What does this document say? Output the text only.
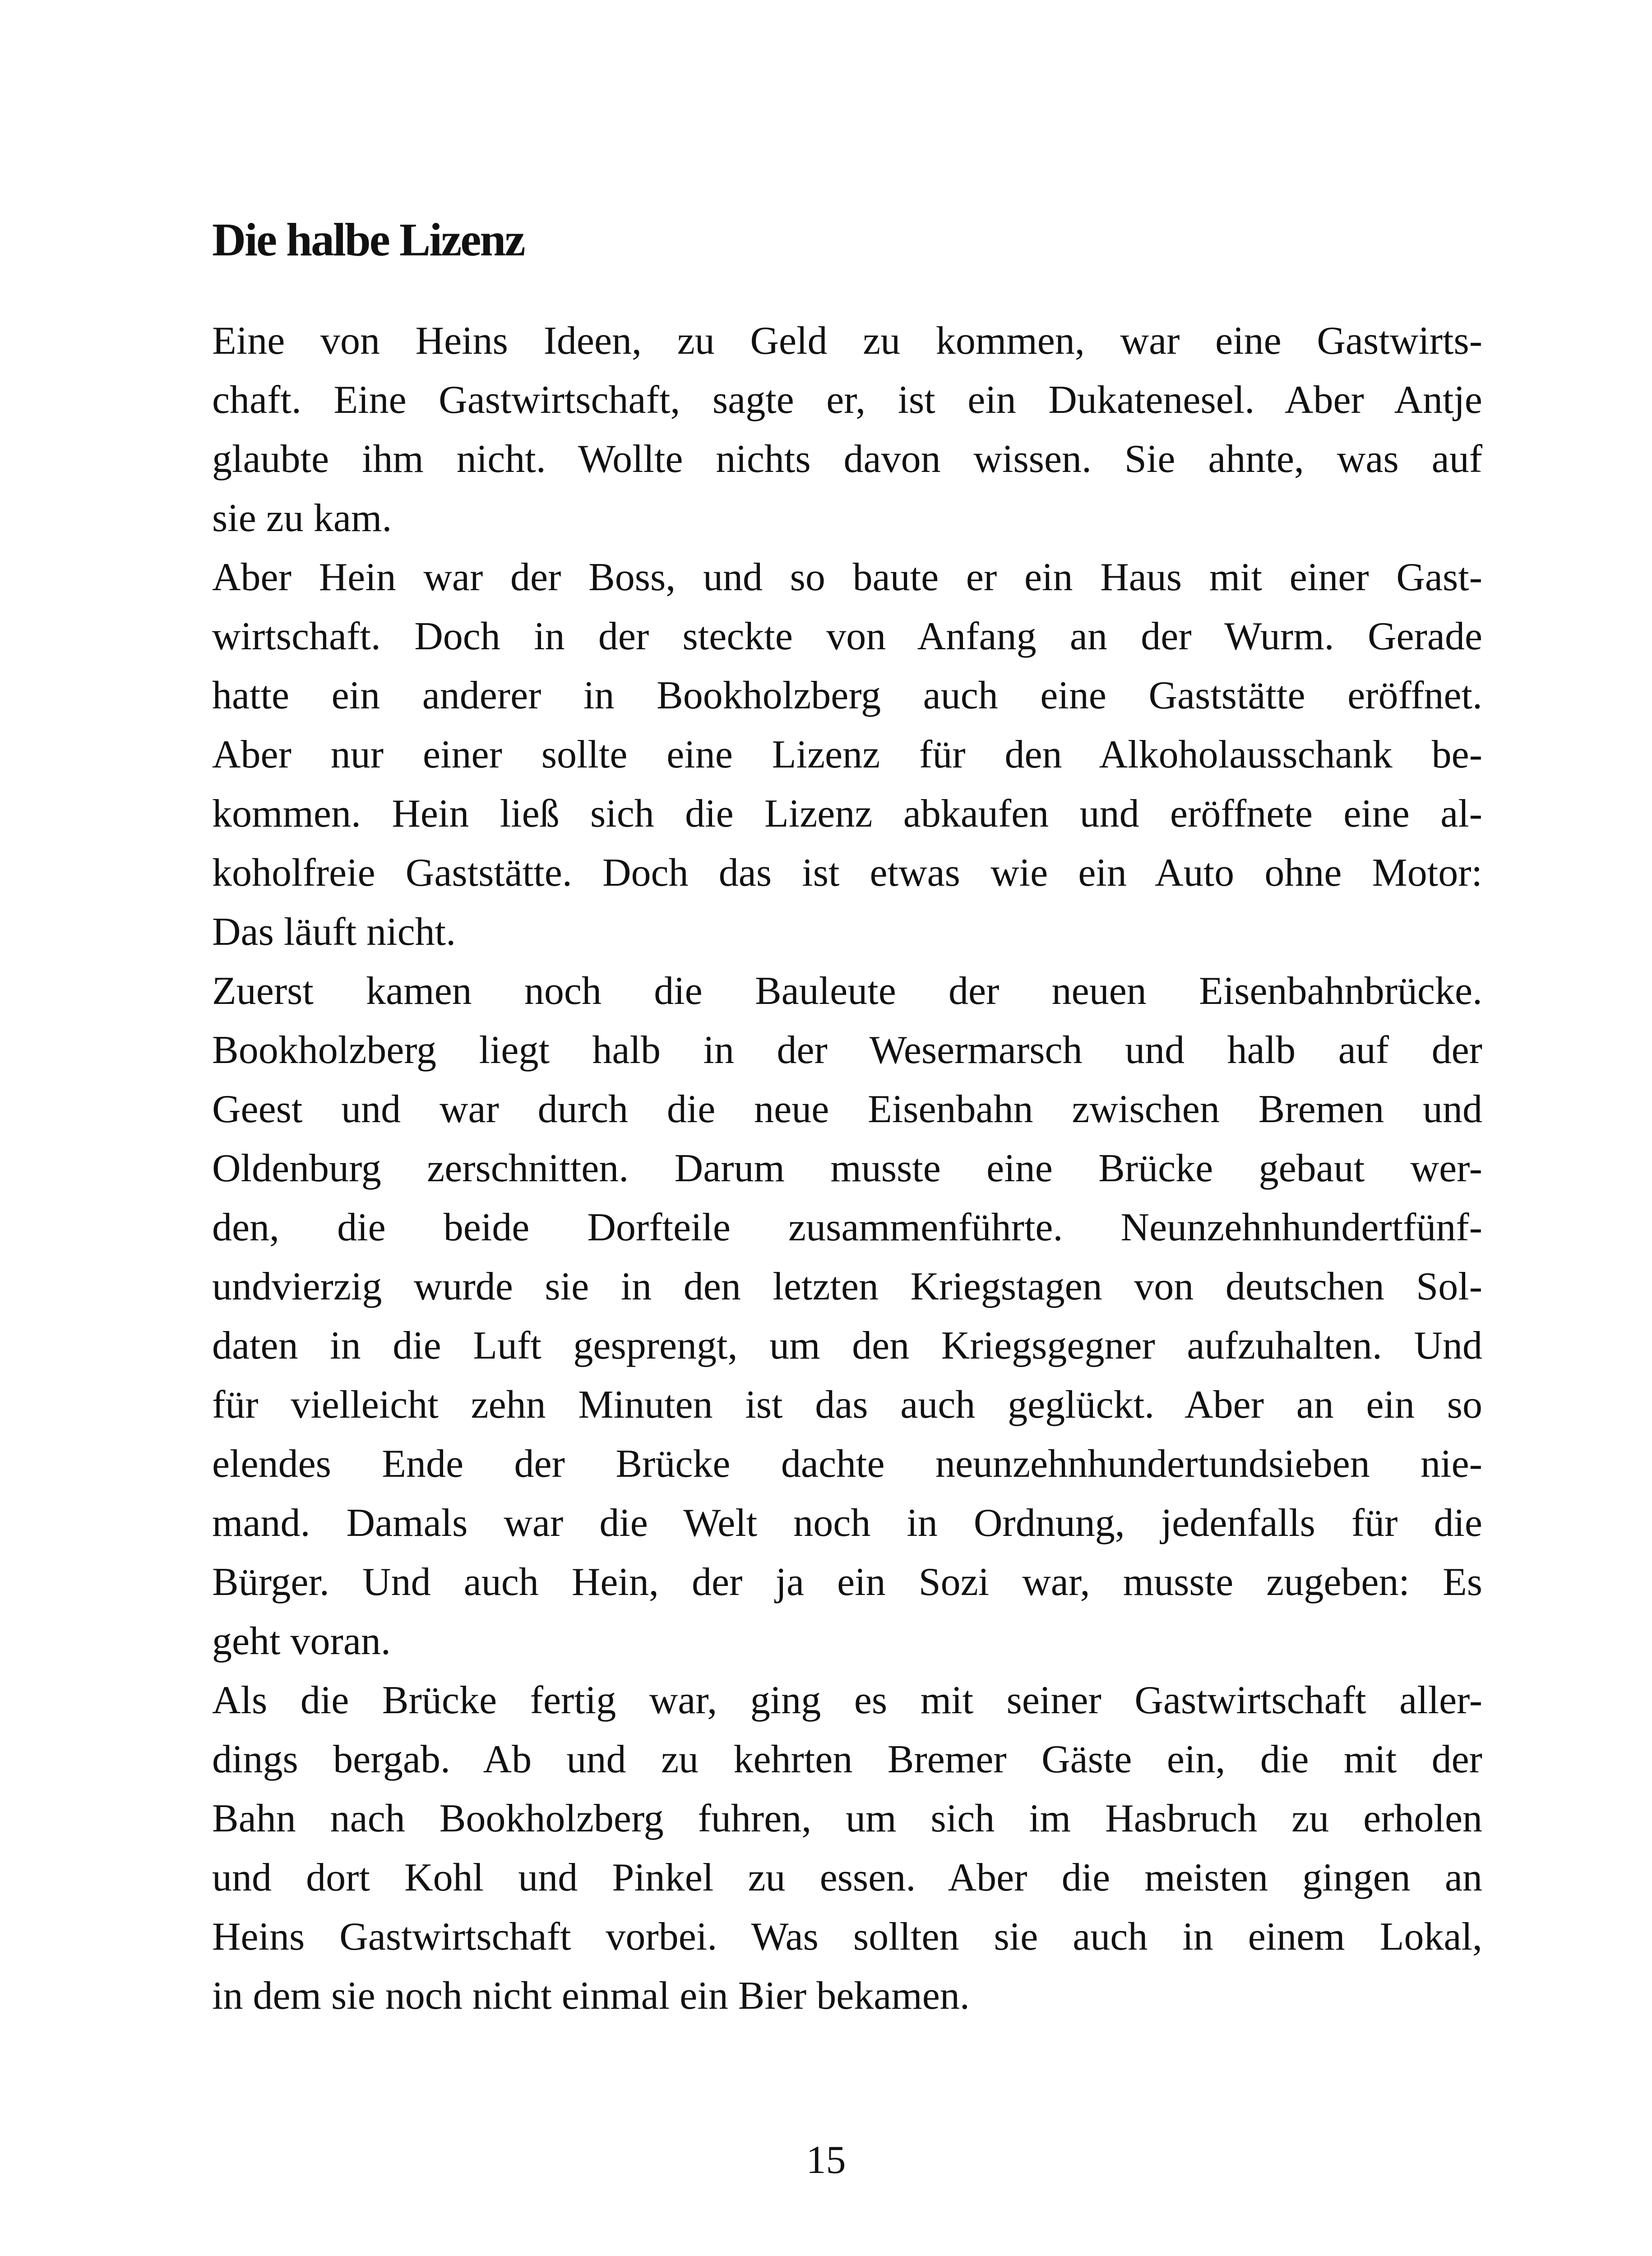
Die halbe Lizenz
Eine von Heins Ideen, zu Geld zu kommen, war eine Gastwirts-
chaft. Eine Gastwirtschaft, sagte er, ist ein Dukatenesel. Aber Antje
glaubte ihm nicht. Wollte nichts davon wissen. Sie ahnte, was auf
sie zu kam.
Aber Hein war der Boss, und so baute er ein Haus mit einer Gast-
wirtschaft. Doch in der steckte von Anfang an der Wurm. Gerade
hatte ein anderer in Bookholzberg auch eine Gaststätte eröffnet.
Aber nur einer sollte eine Lizenz für den Alkoholausschank be-
kommen. Hein ließ sich die Lizenz abkaufen und eröffnete eine al-
koholfreie Gaststätte. Doch das ist etwas wie ein Auto ohne Motor:
Das läuft nicht.
Zuerst kamen noch die Bauleute der neuen Eisenbahnbrücke.
Bookholzberg liegt halb in der Wesermarsch und halb auf der
Geest und war durch die neue Eisenbahn zwischen Bremen und
Oldenburg zerschnitten. Darum musste eine Brücke gebaut wer-
den, die beide Dorfteile zusammenführte. Neunzehnhundertfünf-
undvierzig wurde sie in den letzten Kriegstagen von deutschen Sol-
daten in die Luft gesprengt, um den Kriegsgegner aufzuhalten. Und
für vielleicht zehn Minuten ist das auch geglückt. Aber an ein so
elendes Ende der Brücke dachte neunzehnhundertundsieben nie-
mand. Damals war die Welt noch in Ordnung, jedenfalls für die
Bürger. Und auch Hein, der ja ein Sozi war, musste zugeben: Es
geht voran.
Als die Brücke fertig war, ging es mit seiner Gastwirtschaft aller-
dings bergab. Ab und zu kehrten Bremer Gäste ein, die mit der
Bahn nach Bookholzberg fuhren, um sich im Hasbruch zu erholen
und dort Kohl und Pinkel zu essen. Aber die meisten gingen an
Heins Gastwirtschaft vorbei. Was sollten sie auch in einem Lokal,
in dem sie noch nicht einmal ein Bier bekamen.
15
